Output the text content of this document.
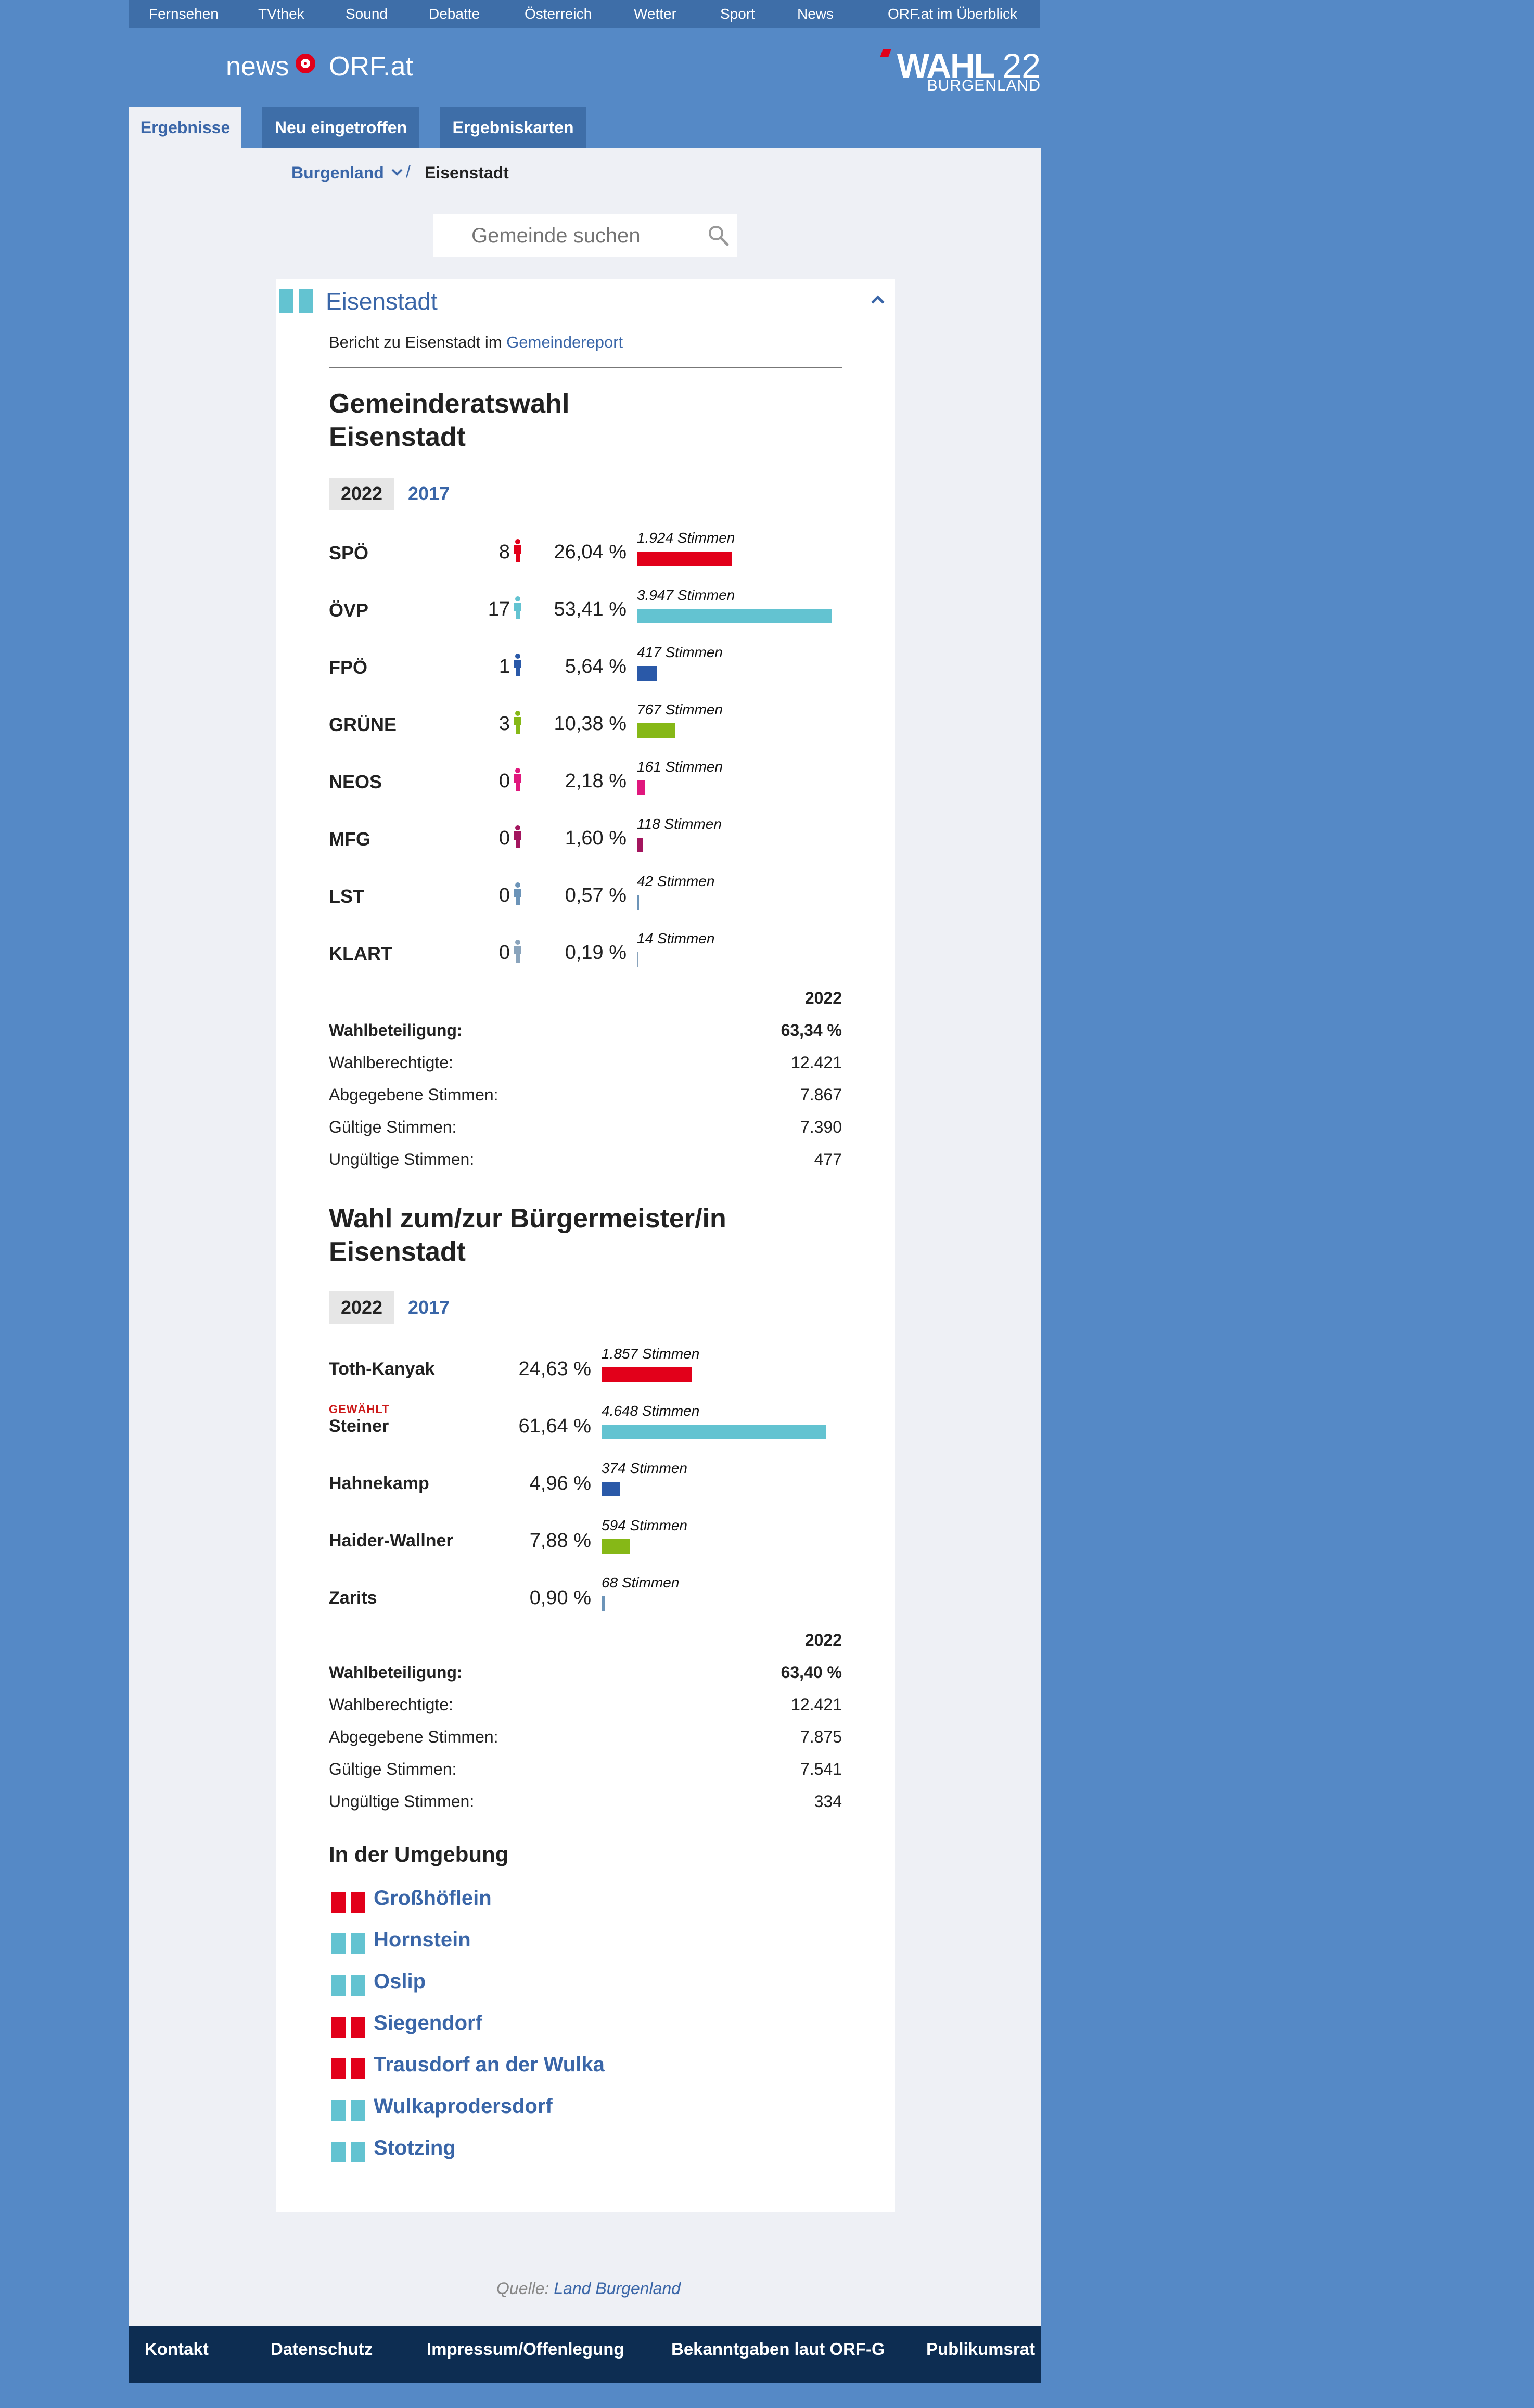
Fernsehen	TVthek	Sound	Debatte	Österreich	Wetter	Sport	News	ORF.at im Überblick
news ORF.at	WAHL 22
BURGENLAND
Ergebnisse	Neu eingetroffen	Ergebniskarten
Burgenland / Eisenstadt
Gemeinde suchen
Eisenstadt
Bericht zu Eisenstadt im Gemeindereport
Gemeinderatswahl
Eisenstadt
2022	2017
2022
Wahl zum/zur Bürgermeister/in
Eisenstadt
2022	2017
2022
In der Umgebung
Quelle: Land Burgenland
Kontakt	Datenschutz	Impressum/Offenlegung	Bekanntgaben laut ORF-G Publikumsrat
SPÖ	8	26,04 %
1.924 Stimmen
ÖVP	17	53,41 %
3.947 Stimmen
FPÖ	1	5,64 %
417 Stimmen
GRÜNE	3	10,38 %
767 Stimmen
NEOS	0	2,18 %
161 Stimmen
MFG	0	1,60 %
118 Stimmen
LST	0	0,57 %
42 Stimmen
KLART	0	0,19 %
14 Stimmen
Wahlbeteiligung:	63,34 %
Wahlberechtigte:	12.421
Abgegebene Stimmen:	7.867
Gültige Stimmen:	7.390
Ungültige Stimmen:	477
Wahlbeteiligung:	63,40 %
Wahlberechtigte:	12.421
Abgegebene Stimmen:	7.875
Gültige Stimmen:	7.541
Ungültige Stimmen:	334
Toth-Kanyak	24,63 %
1.857 Stimmen
GEWÄHLT
Steiner	61,64 %
4.648 Stimmen
Hahnekamp	4,96 %
374 Stimmen
Haider-Wallner	7,88 %
594 Stimmen
Zarits	0,90 %
68 Stimmen
Großhöflein
Hornstein
Oslip
Siegendorf
Trausdorf an der Wulka
Wulkaprodersdorf
Stotzing
